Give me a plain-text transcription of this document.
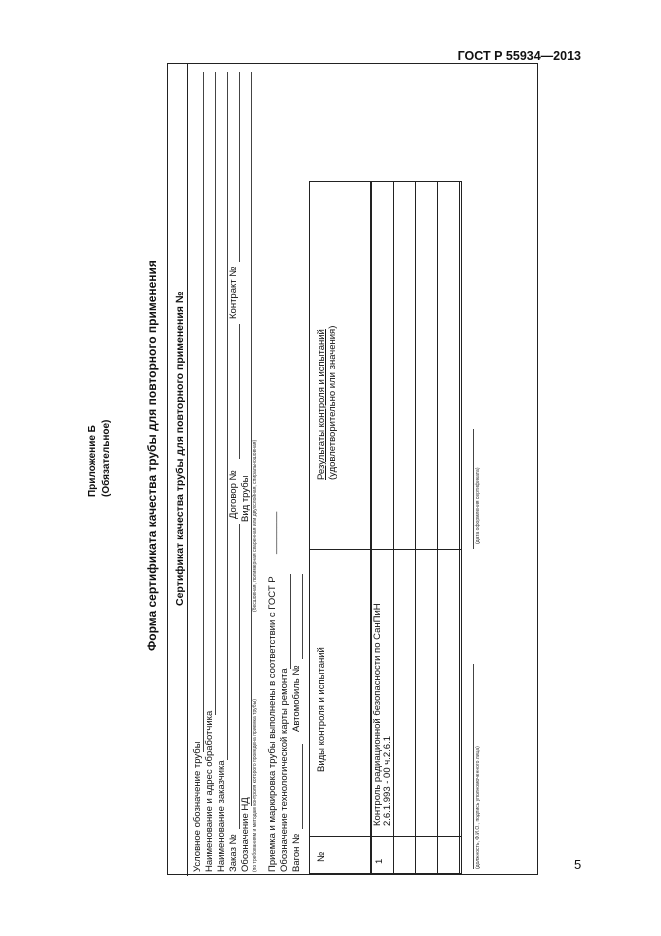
ГОСТ Р 55934—2013
5
Приложение Б (Обязательное)	Форма сертификата качества трубы для повторного применения Сертификат качества трубы для повторного применения №
Условное обозначение трубы Наименование и адрес обработчика Наименование заказчика Заказ №
Договор №
Контракт №
Обозначение НД
Вид трубы
(по требованиям и методам контроля которого проведена приемка трубы)
(бесшовная, полимерная сваренная или двухслойная, спиральношовная)
Приемка и маркировка трубы выполнены в соответствии с ГОСТ Р
________
Обозначение технологической карты ремонта Вагон №
Автомобиль №
№
Виды контроля и испытаний
Результаты контроля и испытаний (удовлетворительно или значения)
1
Контроль радиационной безопасности по СанПиН 2.6.1.993 - 00 ч.2.6.1	(должность, Ф.И.О., подпись уполномоченного лица)
(дата оформления сертификата)
